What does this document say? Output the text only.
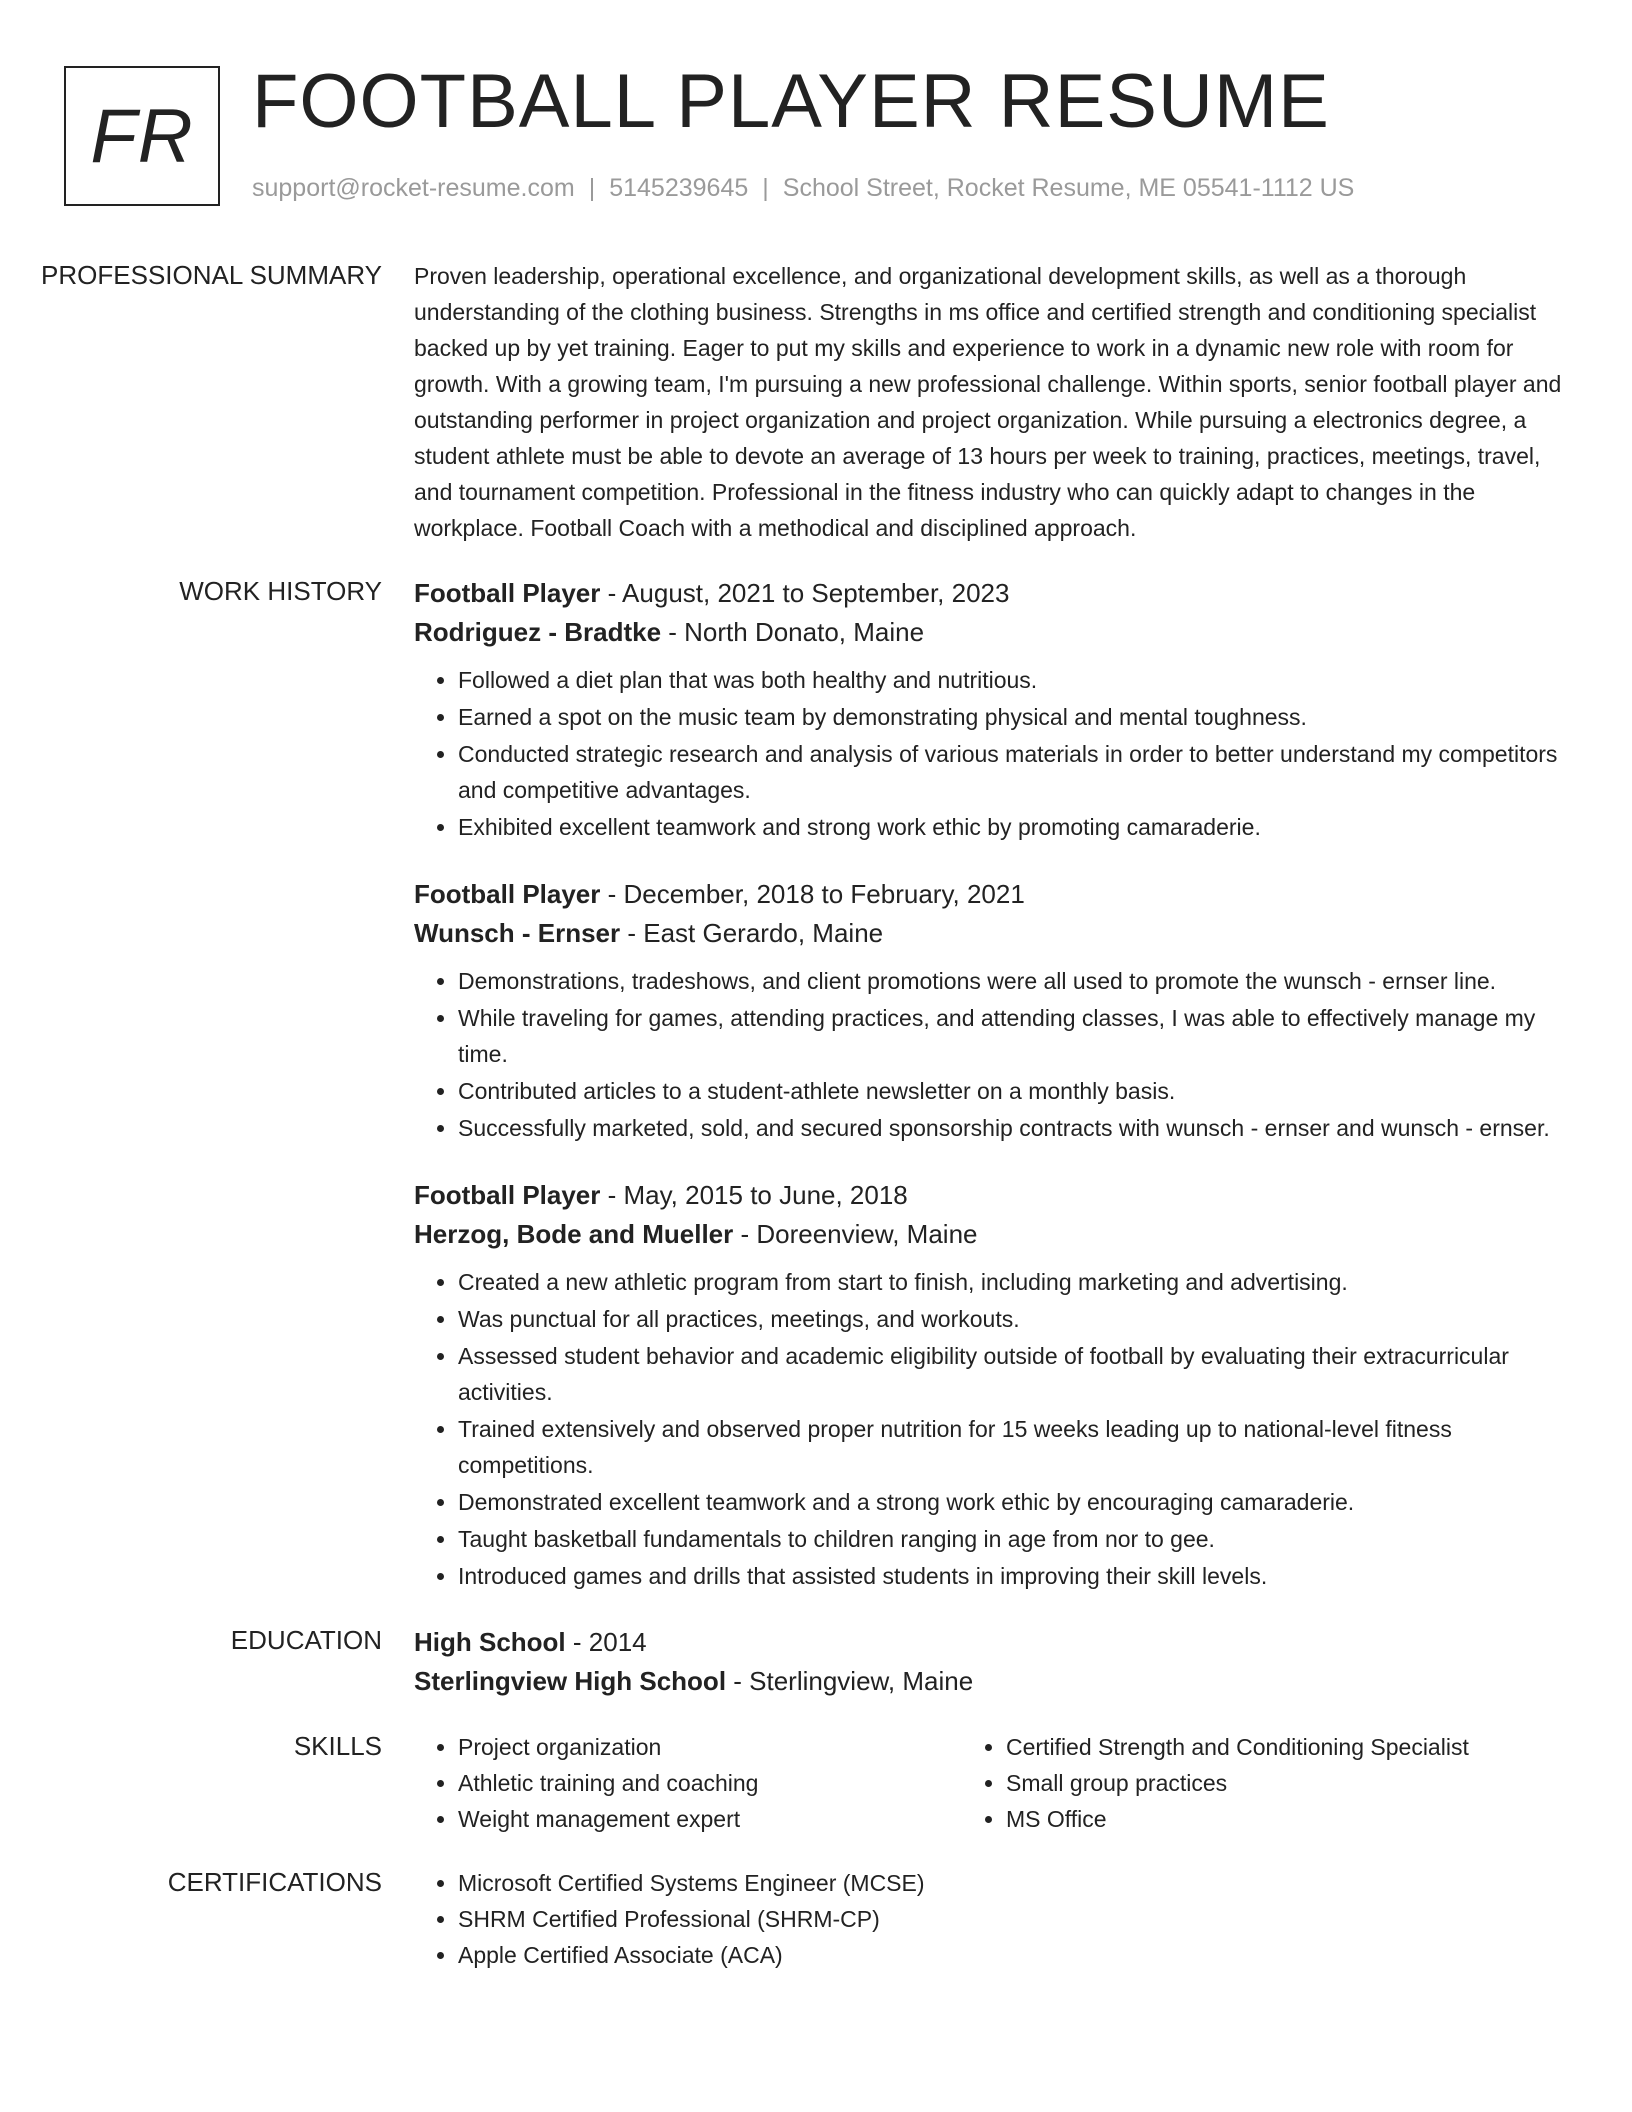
FR FOOTBALL PLAYER RESUME
support@rocket-resume.com | 5145239645 | School Street, Rocket Resume, ME 05541-1112 US
PROFESSIONAL SUMMARY	Proven leadership, operational excellence, and organizational development skills, as well as a thorough understanding of the clothing business. Strengths in ms office and certified strength and conditioning specialist backed up by yet training. Eager to put my skills and experience to work in a dynamic new role with room for growth. With a growing team, I'm pursuing a new professional challenge. Within sports, senior football player and outstanding performer in project organization and project organization. While pursuing a electronics degree, a student athlete must be able to devote an average of 13 hours per week to training, practices, meetings, travel, and tournament competition. Professional in the fitness industry who can quickly adapt to changes in the workplace. Football Coach with a methodical and disciplined approach.

WORK HISTORY	Football Player - August, 2021 to September, 2023
Rodriguez - Bradtke - North Donato, Maine
• Followed a diet plan that was both healthy and nutritious.
• Earned a spot on the music team by demonstrating physical and mental toughness.
• Conducted strategic research and analysis of various materials in order to better understand my competitors and competitive advantages.
• Exhibited excellent teamwork and strong work ethic by promoting camaraderie.
Football Player - December, 2018 to February, 2021
Wunsch - Ernser - East Gerardo, Maine
• Demonstrations, tradeshows, and client promotions were all used to promote the wunsch - ernser line.
• While traveling for games, attending practices, and attending classes, I was able to effectively manage my time.
• Contributed articles to a student-athlete newsletter on a monthly basis.
• Successfully marketed, sold, and secured sponsorship contracts with wunsch - ernser and wunsch - ernser.
Football Player - May, 2015 to June, 2018
Herzog, Bode and Mueller - Doreenview, Maine
• Created a new athletic program from start to finish, including marketing and advertising.
• Was punctual for all practices, meetings, and workouts.
• Assessed student behavior and academic eligibility outside of football by evaluating their extracurricular activities.
• Trained extensively and observed proper nutrition for 15 weeks leading up to national-level fitness competitions.
• Demonstrated excellent teamwork and a strong work ethic by encouraging camaraderie.
• Taught basketball fundamentals to children ranging in age from nor to gee.
• Introduced games and drills that assisted students in improving their skill levels.
EDUCATION	High School - 2014
Sterlingview High School - Sterlingview, Maine
SKILLS	• Project organization
• Athletic training and coaching
• Weight management expert
• Certified Strength and Conditioning Specialist
• Small group practices
• MS Office
CERTIFICATIONS	• Microsoft Certified Systems Engineer (MCSE)
• SHRM Certified Professional (SHRM-CP)
• Apple Certified Associate (ACA)
